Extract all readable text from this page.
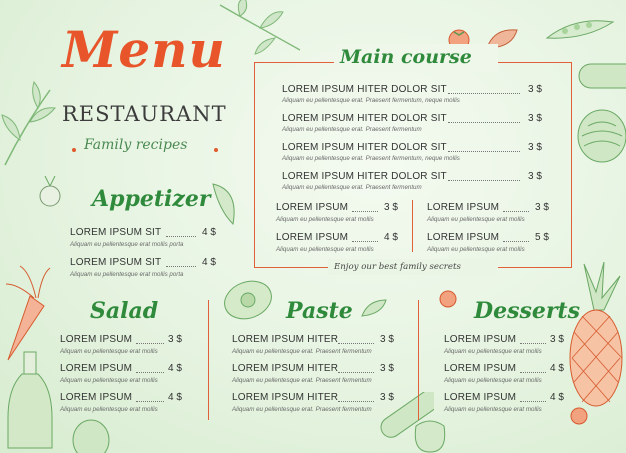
Menu
RESTAURANT
Family recipes
Appetizer
LOREM IPSUM SIT	4 $
Aliquam eu pellentesque erat mollis porta
LOREM IPSUM SIT	4 $
Aliquam eu pellentesque erat mollis porta
Main course
LOREM IPSUM HITER DOLOR SIT	3 $
Aliquam eu pellentesque erat. Praesent fermentum, neque mollis
LOREM IPSUM HITER DOLOR SIT	3 $
Aliquam eu pellentesque erat. Praesent fermentum
LOREM IPSUM HITER DOLOR SIT	3 $
Aliquam eu pellentesque erat. Praesent fermentum, neque mollis
LOREM IPSUM HITER DOLOR SIT	3 $
Aliquam eu pellentesque erat. Praesent fermentum
LOREM IPSUM	3 $
Aliquam eu pellentesque erat mollis
LOREM IPSUM	4 $
Aliquam eu pellentesque erat mollis
LOREM IPSUM	3 $
Aliquam eu pellentesque erat mollis
LOREM IPSUM	5 $
Aliquam eu pellentesque erat mollis
Enjoy our best family secrets
Salad
LOREM IPSUM	3 $
Aliquam eu pellentesque erat mollis
LOREM IPSUM	4 $
Aliquam eu pellentesque erat mollis
LOREM IPSUM	4 $
Aliquam eu pellentesque erat mollis
Paste
LOREM IPSUM HITER	3 $
Aliquam eu pellentesque erat. Praesent fermentum
LOREM IPSUM HITER	3 $
Aliquam eu pellentesque erat. Praesent fermentum
LOREM IPSUM HITER	3 $
Aliquam eu pellentesque erat. Praesent fermentum
Desserts
LOREM IPSUM	3 $
Aliquam eu pellentesque erat mollis
LOREM IPSUM	4 $
Aliquam eu pellentesque erat mollis
LOREM IPSUM	4 $
Aliquam eu pellentesque erat mollis
